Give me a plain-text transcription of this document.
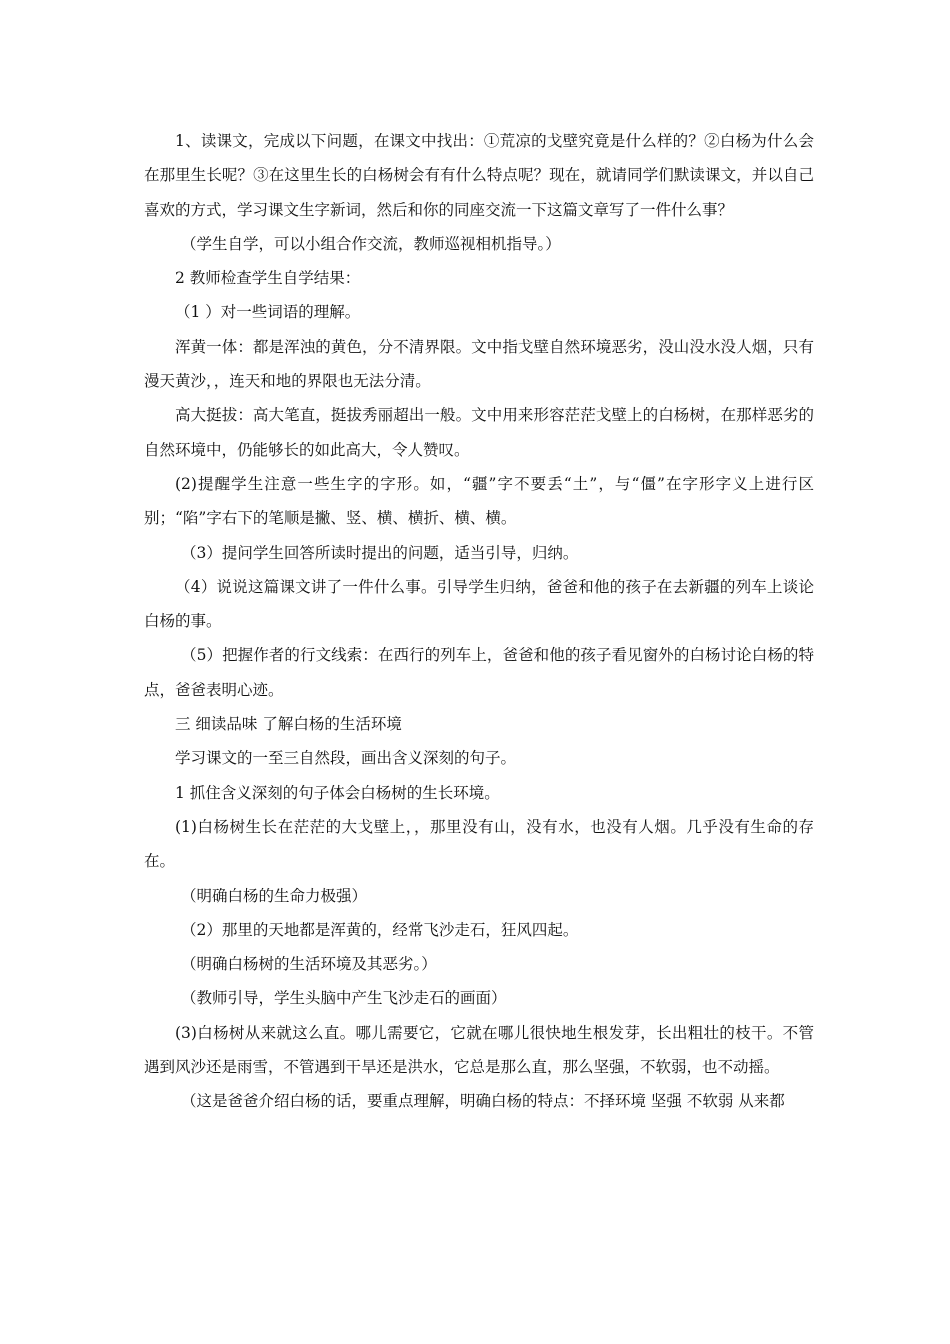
1、读课文，完成以下问题，在课文中找出：①荒凉的戈壁究竟是什么样的？②白杨为什么会在那里生长呢？③在这里生长的白杨树会有有什么特点呢？现在，就请同学们默读课文，并以自己喜欢的方式，学习课文生字新词，然后和你的同座交流一下这篇文章写了一件什么事？

（学生自学，可以小组合作交流，教师巡视相机指导。）

2 教师检查学生自学结果：

（1 ）对一些词语的理解。

浑黄一体：都是浑浊的黄色，分不清界限。文中指戈壁自然环境恶劣，没山没水没人烟，只有漫天黄沙，，连天和地的界限也无法分清。

高大挺拔：高大笔直，挺拔秀丽超出一般。文中用来形容茫茫戈壁上的白杨树，在那样恶劣的自然环境中，仍能够长的如此高大，令人赞叹。

(2)提醒学生注意一些生字的字形。如，“疆”字不要丢“土”，与“僵”在字形字义上进行区别；“陷”字右下的笔顺是撇、竖、横、横折、横、横。

（3）提问学生回答所读时提出的问题，适当引导，归纳。

（4）说说这篇课文讲了一件什么事。引导学生归纳，爸爸和他的孩子在去新疆的列车上谈论白杨的事。

（5）把握作者的行文线索：在西行的列车上，爸爸和他的孩子看见窗外的白杨讨论白杨的特点，爸爸表明心迹。

三 细读品味 了解白杨的生活环境

学习课文的一至三自然段，画出含义深刻的句子。

1 抓住含义深刻的句子体会白杨树的生长环境。

(1)白杨树生长在茫茫的大戈壁上，，那里没有山，没有水，也没有人烟。几乎没有生命的存在。

（明确白杨的生命力极强）

（2）那里的天地都是浑黄的，经常飞沙走石，狂风四起。

（明确白杨树的生活环境及其恶劣。）

（教师引导，学生头脑中产生飞沙走石的画面）

(3)白杨树从来就这么直。哪儿需要它，它就在哪儿很快地生根发芽，长出粗壮的枝干。不管遇到风沙还是雨雪，不管遇到干旱还是洪水，它总是那么直，那么坚强，不软弱，也不动摇。

（这是爸爸介绍白杨的话，要重点理解，明确白杨的特点：不择环境 坚强 不软弱 从来都
